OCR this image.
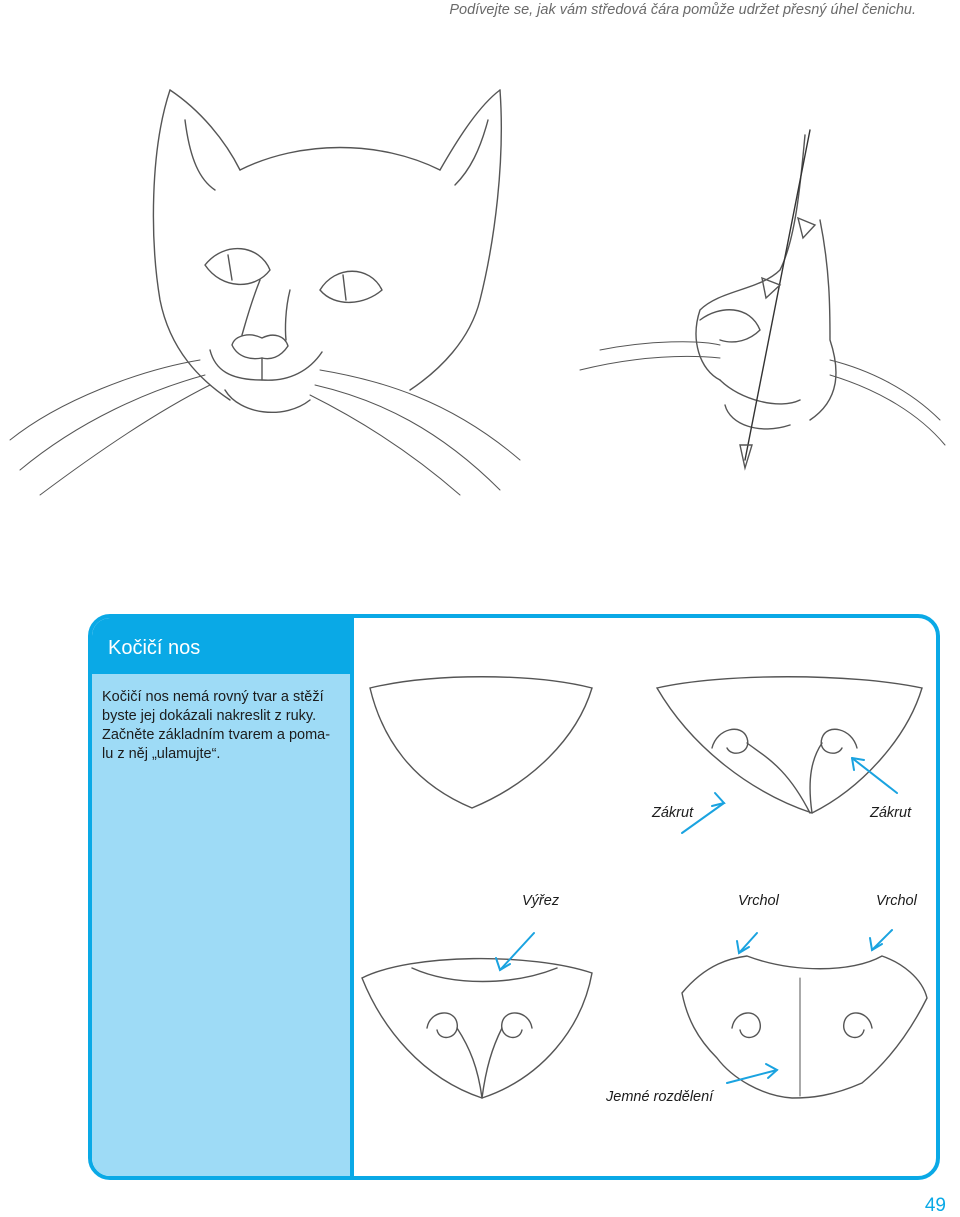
Podívejte se, jak vám středová čára pomůže udržet přesný úhel čenichu.
Kočičí nos
Kočičí nos nemá rovný tvar a stěží
byste jej dokázali nakreslit z ruky.
Začněte základním tvarem a poma-
lu z něj „ulamujte“.
Zákrut	Zákrut
Výřez	Vrchol	Vrchol
Jemné rozdělení
49
